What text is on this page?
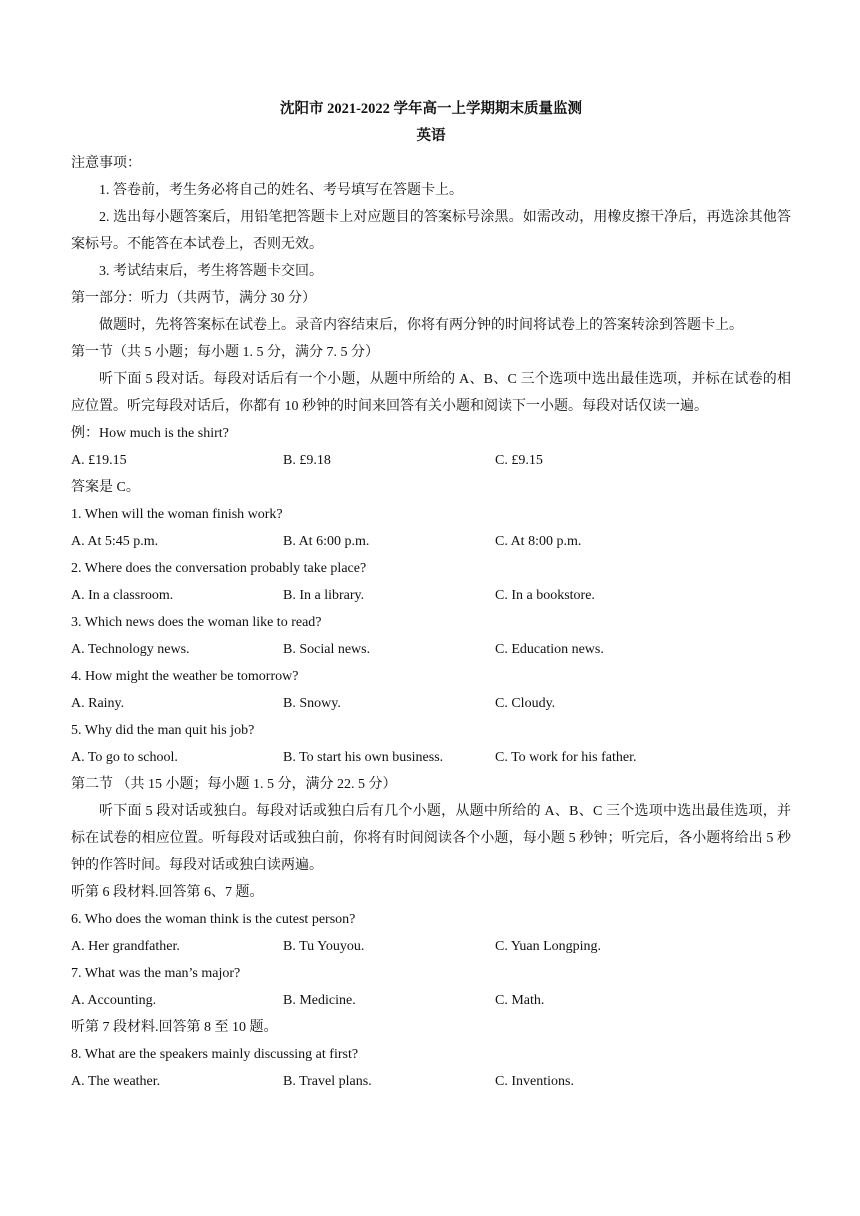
沈阳市 2021-2022 学年高一上学期期末质量监测
英语
注意事项：
1. 答卷前，考生务必将自己的姓名、考号填写在答题卡上。
2. 选出每小题答案后，用铅笔把答题卡上对应题目的答案标号涂黑。如需改动，用橡皮擦干净后，再选涂其他答案标号。不能答在本试卷上，否则无效。
3. 考试结束后，考生将答题卡交回。
第一部分：听力（共两节，满分 30 分）
做题时，先将答案标在试卷上。录音内容结束后，你将有两分钟的时间将试卷上的答案转涂到答题卡上。
第一节（共 5 小题；每小题 1. 5 分，满分 7. 5 分）
听下面 5 段对话。每段对话后有一个小题，从题中所给的 A、B、C 三个选项中选出最佳选项，并标在试卷的相应位置。听完每段对话后，你都有 10 秒钟的时间来回答有关小题和阅读下一小题。每段对话仅读一遍。
例：How much is the shirt?
A. £19.15	B. £9.18	C. £9.15
答案是 C。
1. When will the woman finish work?
A. At 5:45 p.m.	B. At 6:00 p.m.	C. At 8:00 p.m.
2. Where does the conversation probably take place?
A. In a classroom.	B. In a library.	C. In a bookstore.
3. Which news does the woman like to read?
A. Technology news.	B. Social news.	C. Education news.
4. How might the weather be tomorrow?
A. Rainy.	B. Snowy.	C. Cloudy.
5. Why did the man quit his job?
A. To go to school.	B. To start his own business.	C. To work for his father.
第二节 （共 15 小题；每小题 1. 5 分，满分 22. 5 分）
听下面 5 段对话或独白。每段对话或独白后有几个小题，从题中所给的 A、B、C 三个选项中选出最佳选项，并标在试卷的相应位置。听每段对话或独白前，你将有时间阅读各个小题，每小题 5 秒钟；听完后，各小题将给出 5 秒钟的作答时间。每段对话或独白读两遍。
听第 6 段材料.回答第 6、7 题。
6. Who does the woman think is the cutest person?
A. Her grandfather.	B. Tu Youyou.	C. Yuan Longping.
7. What was the man’s major?
A. Accounting.	B. Medicine.	C. Math.
听第 7 段材料.回答第 8 至 10 题。
8. What are the speakers mainly discussing at first?
A. The weather.	B. Travel plans.	C. Inventions.
